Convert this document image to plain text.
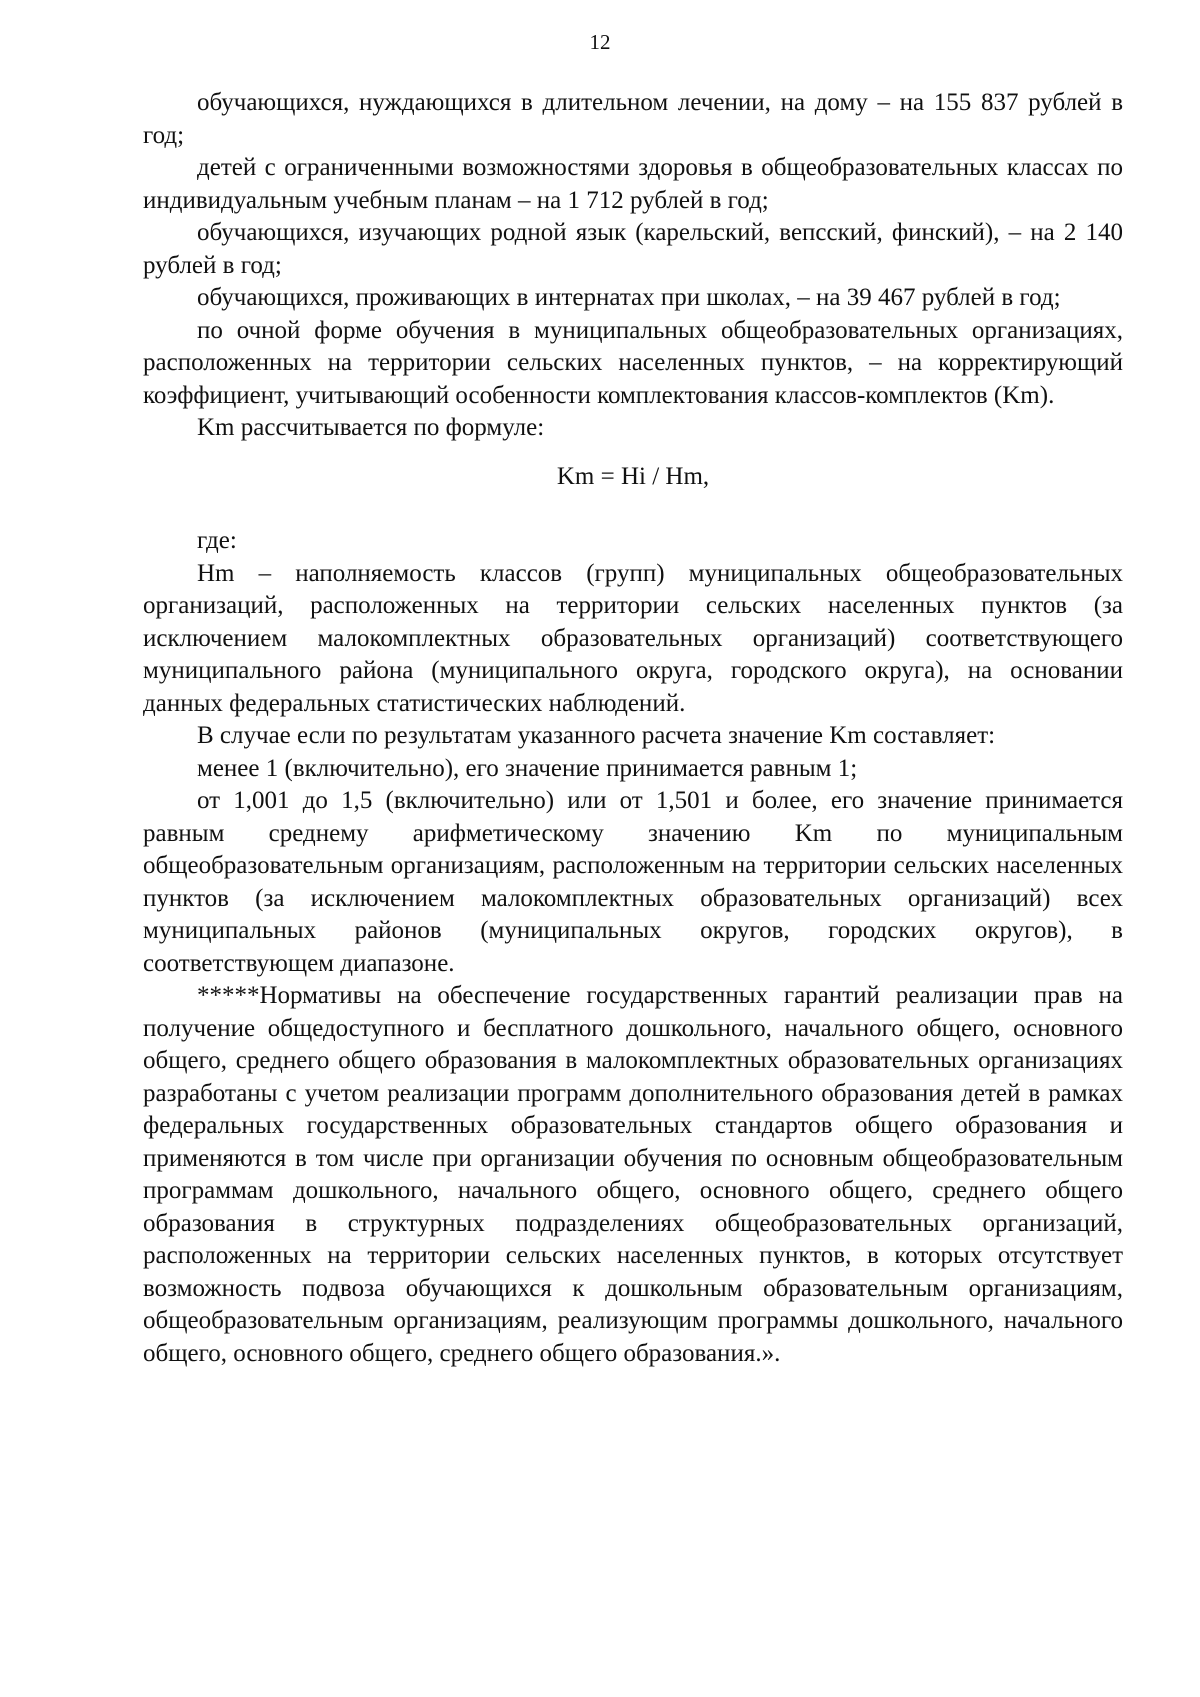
12

обучающихся, нуждающихся в длительном лечении, на дому – на 155 837 рублей в год;

детей с ограниченными возможностями здоровья в общеобразовательных классах по индивидуальным учебным планам – на 1 712 рублей в год;

обучающихся, изучающих родной язык (карельский, вепсский, финский), – на 2 140 рублей в год;

обучающихся, проживающих в интернатах при школах, – на 39 467 рублей в год;

по очной форме обучения в муниципальных общеобразовательных организациях, расположенных на территории сельских населенных пунктов, – на корректирующий коэффициент, учитывающий особенности комплектования классов-комплектов (Km).

Km рассчитывается по формуле:

Km = Hi / Hm,

где:

Hm – наполняемость классов (групп) муниципальных общеобразовательных организаций, расположенных на территории сельских населенных пунктов (за исключением малокомплектных образовательных организаций) соответствующего муниципального района (муниципального округа, городского округа), на основании данных федеральных статистических наблюдений.

В случае если по результатам указанного расчета значение Km составляет:

менее 1 (включительно), его значение принимается равным 1;

от 1,001 до 1,5 (включительно) или от 1,501 и более, его значение принимается равным среднему арифметическому значению Km по муниципальным общеобразовательным организациям, расположенным на территории сельских населенных пунктов (за исключением малокомплектных образовательных организаций) всех муниципальных районов (муниципальных округов, городских округов), в соответствующем диапазоне.

*****Нормативы на обеспечение государственных гарантий реализации прав на получение общедоступного и бесплатного дошкольного, начального общего, основного общего, среднего общего образования в малокомплектных образовательных организациях разработаны с учетом реализации программ дополнительного образования детей в рамках федеральных государственных образовательных стандартов общего образования и применяются в том числе при организации обучения по основным общеобразовательным программам дошкольного, начального общего, основного общего, среднего общего образования в структурных подразделениях общеобразовательных организаций, расположенных на территории сельских населенных пунктов, в которых отсутствует возможность подвоза обучающихся к дошкольным образовательным организациям, общеобразовательным организациям, реализующим программы дошкольного, начального общего, основного общего, среднего общего образования.».
